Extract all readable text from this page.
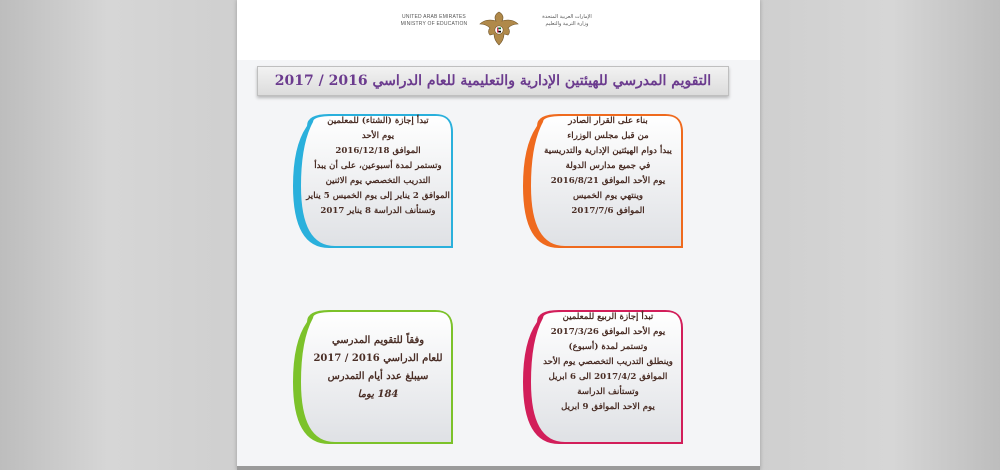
UNITED ARAB EMIRATES
MINISTRY OF EDUCATION
الإمارات العربية المتحدة
وزارة التربية والتعليم
التقويم المدرسي للهيئتين الإدارية والتعليمية للعام الدراسي 2016 / 2017
بناء على القرار الصادر
من قبل مجلس الوزراء
يبدأ دوام الهيئتين الإدارية والتدريسية
في جميع مدارس الدولة
يوم الأحد الموافق 2016/8/21
وينتهي يوم الخميس
الموافق 2017/7/6
تبدأ إجازة (الشتاء) للمعلمين
يوم الأحد
الموافق 2016/12/18
وتستمر لمدة أسبوعين، على أن يبدأ
التدريب التخصصي يوم الاثنين
الموافق 2 يناير إلى يوم الخميس 5 يناير
وتستأنف الدراسة 8 يناير 2017
تبدأ إجازة الربيع للمعلمين
يوم الأحد الموافق 2017/3/26
وتستمر لمدة (أسبوع)
وينطلق التدريب التخصصي يوم الأحد
الموافق 2017/4/2 الى 6 ابريل
وتستأنف الدراسة
يوم الاحد الموافق 9 ابريل
وفقاً للتقويم المدرسي
للعام الدراسي 2016 / 2017
سيبلغ عدد أيام التمدرس
184 يوما
